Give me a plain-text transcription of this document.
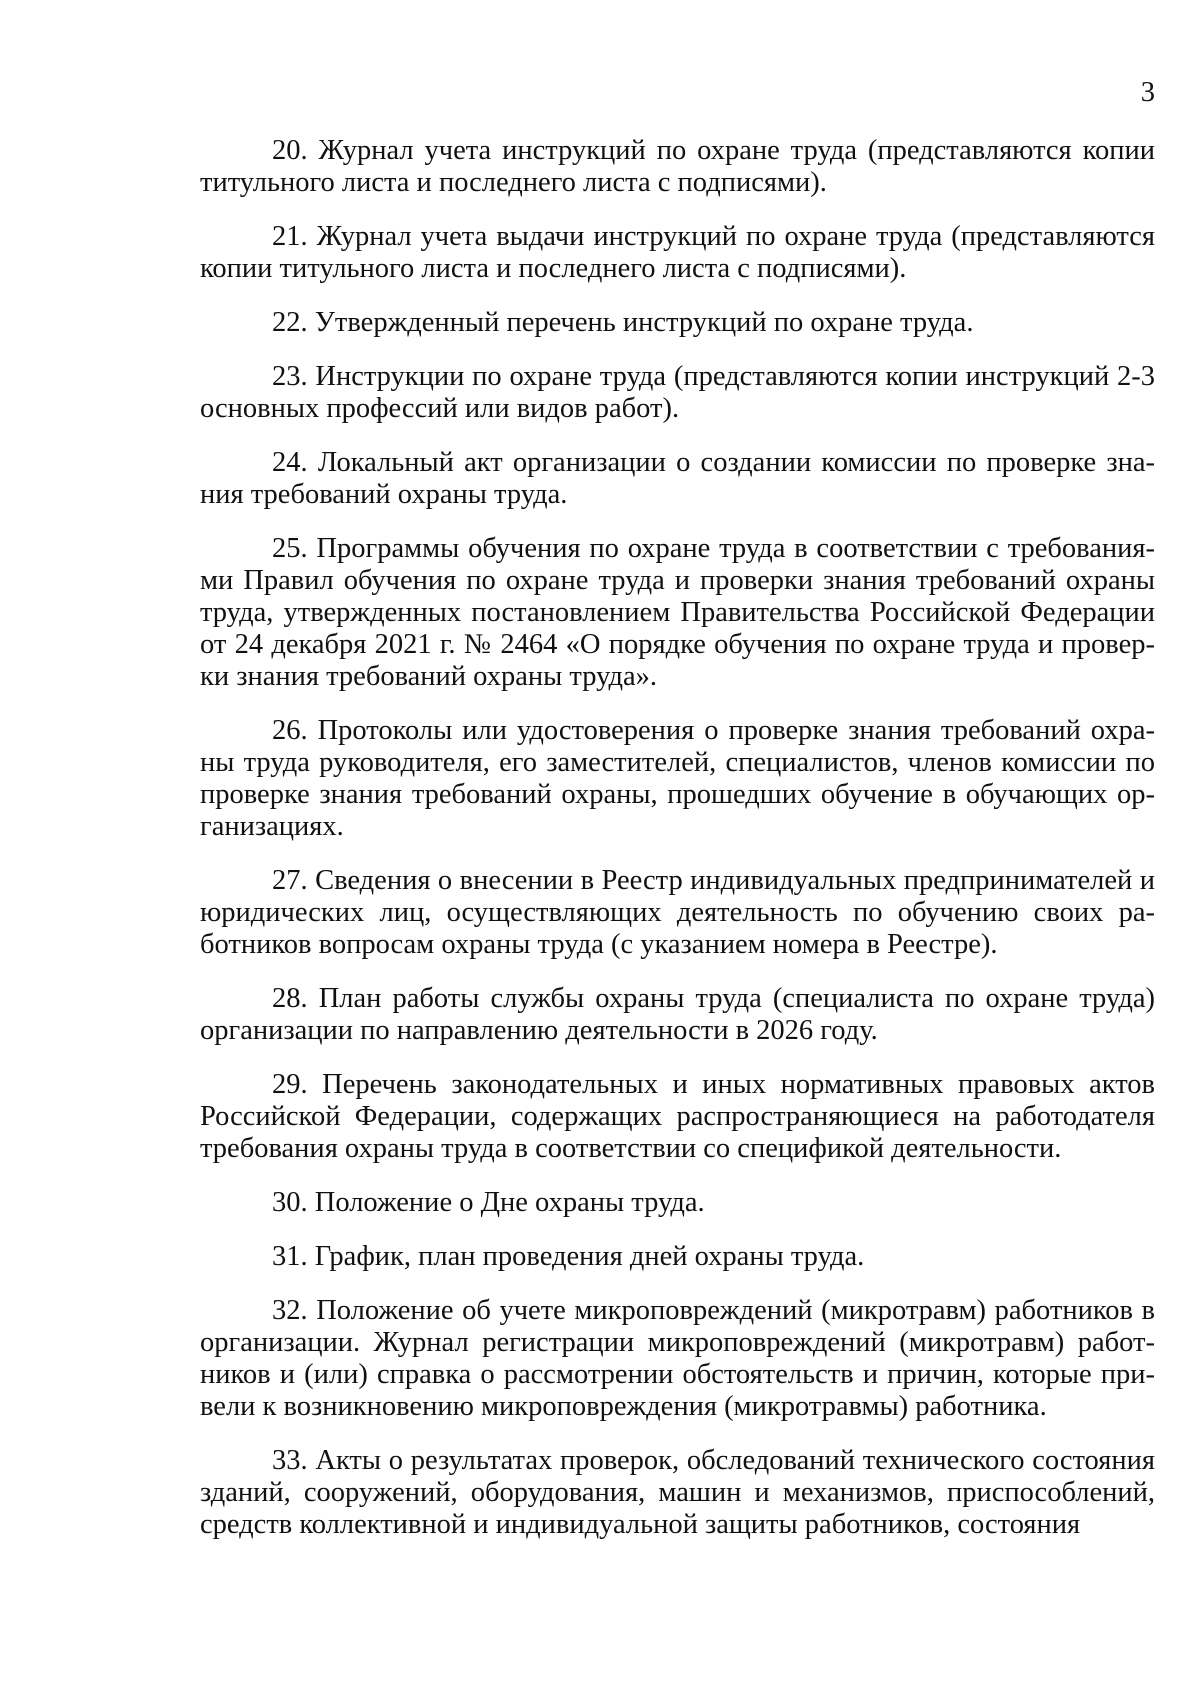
3

20. Журнал учета инструкций по охране труда (представляются копии титульного листа и последнего листа с подписями).

21. Журнал учета выдачи инструкций по охране труда (представляются копии титульного листа и последнего листа с подписями).

22. Утвержденный перечень инструкций по охране труда.

23. Инструкции по охране труда (представляются копии инструкций 2-3 основных профессий или видов работ).

24. Локальный акт организации о создании комиссии по проверке знания требований охраны труда.

25. Программы обучения по охране труда в соответствии с требованиями Правил обучения по охране труда и проверки знания требований охраны труда, утвержденных постановлением Правительства Российской Федерации от 24 декабря 2021 г. № 2464 «О порядке обучения по охране труда и проверки знания требований охраны труда».

26. Протоколы или удостоверения о проверке знания требований охраны труда руководителя, его заместителей, специалистов, членов комиссии по проверке знания требований охраны, прошедших обучение в обучающих организациях.

27. Сведения о внесении в Реестр индивидуальных предпринимателей и юридических лиц, осуществляющих деятельность по обучению своих работников вопросам охраны труда (с указанием номера в Реестре).

28. План работы службы охраны труда (специалиста по охране труда) организации по направлению деятельности в 2026 году.

29. Перечень законодательных и иных нормативных правовых актов Российской Федерации, содержащих распространяющиеся на работодателя требования охраны труда в соответствии со спецификой деятельности.

30. Положение о Дне охраны труда.

31. График, план проведения дней охраны труда.

32. Положение об учете микроповреждений (микротравм) работников в организации. Журнал регистрации микроповреждений (микротравм) работников и (или) справка о рассмотрении обстоятельств и причин, которые привели к возникновению микроповреждения (микротравмы) работника.

33. Акты о результатах проверок, обследований технического состояния зданий, сооружений, оборудования, машин и механизмов, приспособлений, средств коллективной и индивидуальной защиты работников, состояния
